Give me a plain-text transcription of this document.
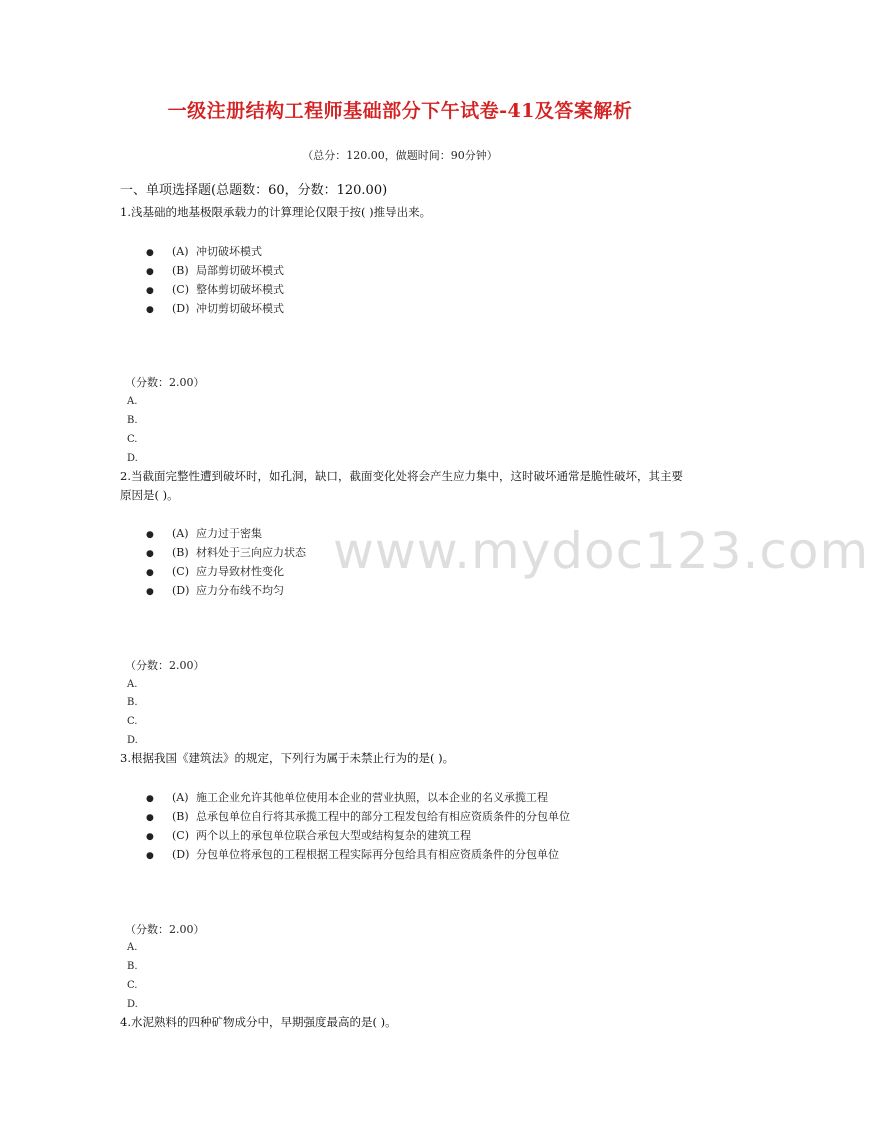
一级注册结构工程师基础部分下午试卷-41及答案解析
（总分：120.00，做题时间：90分钟）
一、单项选择题(总题数：60，分数：120.00)
1.浅基础的地基极限承载力的计算理论仅限于按( )推导出来。
● (A) 冲切破坏模式
● (B) 局部剪切破坏模式
● (C) 整体剪切破坏模式
● (D) 冲切剪切破坏模式
（分数：2.00）
A.
B.
C.
D.
2.当截面完整性遭到破坏时，如孔洞，缺口，截面变化处将会产生应力集中，这时破坏通常是脆性破坏，其主要原因是( )。
● (A) 应力过于密集
● (B) 材料处于三向应力状态
● (C) 应力导致材性变化
● (D) 应力分布线不均匀
（分数：2.00）
A.
B.
C.
D.
3.根据我国《建筑法》的规定，下列行为属于未禁止行为的是( )。
● (A) 施工企业允许其他单位使用本企业的营业执照，以本企业的名义承揽工程
● (B) 总承包单位自行将其承揽工程中的部分工程发包给有相应资质条件的分包单位
● (C) 两个以上的承包单位联合承包大型或结构复杂的建筑工程
● (D) 分包单位将承包的工程根据工程实际再分包给具有相应资质条件的分包单位
（分数：2.00）
A.
B.
C.
D.
4.水泥熟料的四种矿物成分中，早期强度最高的是( )。
www.mydoc123.com
